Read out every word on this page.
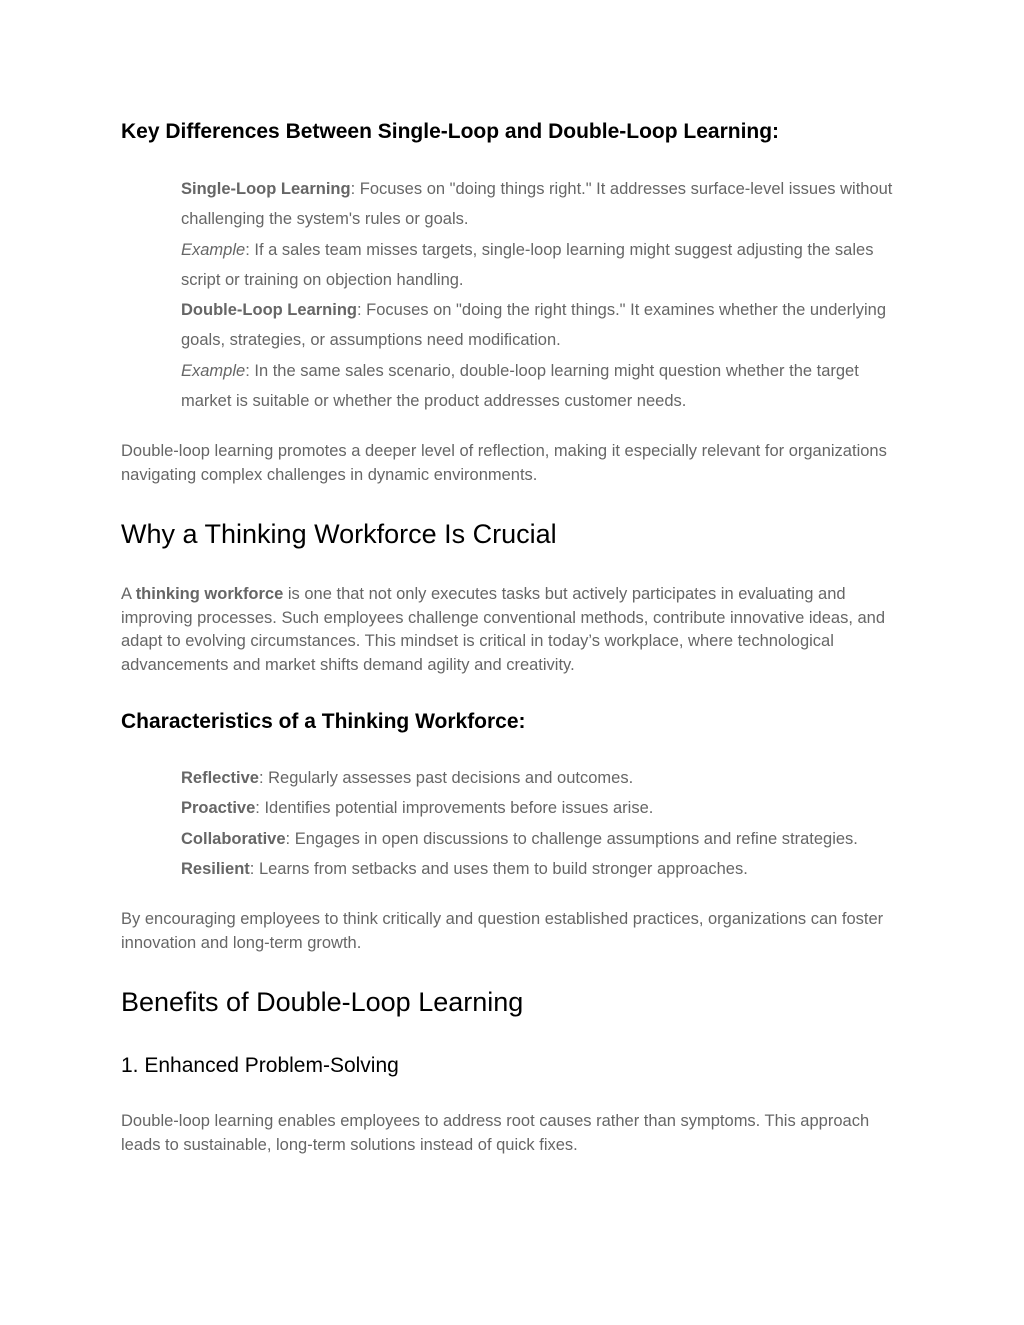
Key Differences Between Single-Loop and Double-Loop Learning:
Single-Loop Learning: Focuses on "doing things right." It addresses surface-level issues without challenging the system's rules or goals.
Example: If a sales team misses targets, single-loop learning might suggest adjusting the sales script or training on objection handling.
Double-Loop Learning: Focuses on "doing the right things." It examines whether the underlying goals, strategies, or assumptions need modification.
Example: In the same sales scenario, double-loop learning might question whether the target market is suitable or whether the product addresses customer needs.

Double-loop learning promotes a deeper level of reflection, making it especially relevant for organizations navigating complex challenges in dynamic environments.

Why a Thinking Workforce Is Crucial

A thinking workforce is one that not only executes tasks but actively participates in evaluating and improving processes. Such employees challenge conventional methods, contribute innovative ideas, and adapt to evolving circumstances. This mindset is critical in today’s workplace, where technological advancements and market shifts demand agility and creativity.

Characteristics of a Thinking Workforce:
Reflective: Regularly assesses past decisions and outcomes.
Proactive: Identifies potential improvements before issues arise.
Collaborative: Engages in open discussions to challenge assumptions and refine strategies.
Resilient: Learns from setbacks and uses them to build stronger approaches.

By encouraging employees to think critically and question established practices, organizations can foster innovation and long-term growth.

Benefits of Double-Loop Learning
1. Enhanced Problem-Solving

Double-loop learning enables employees to address root causes rather than symptoms. This approach leads to sustainable, long-term solutions instead of quick fixes.
